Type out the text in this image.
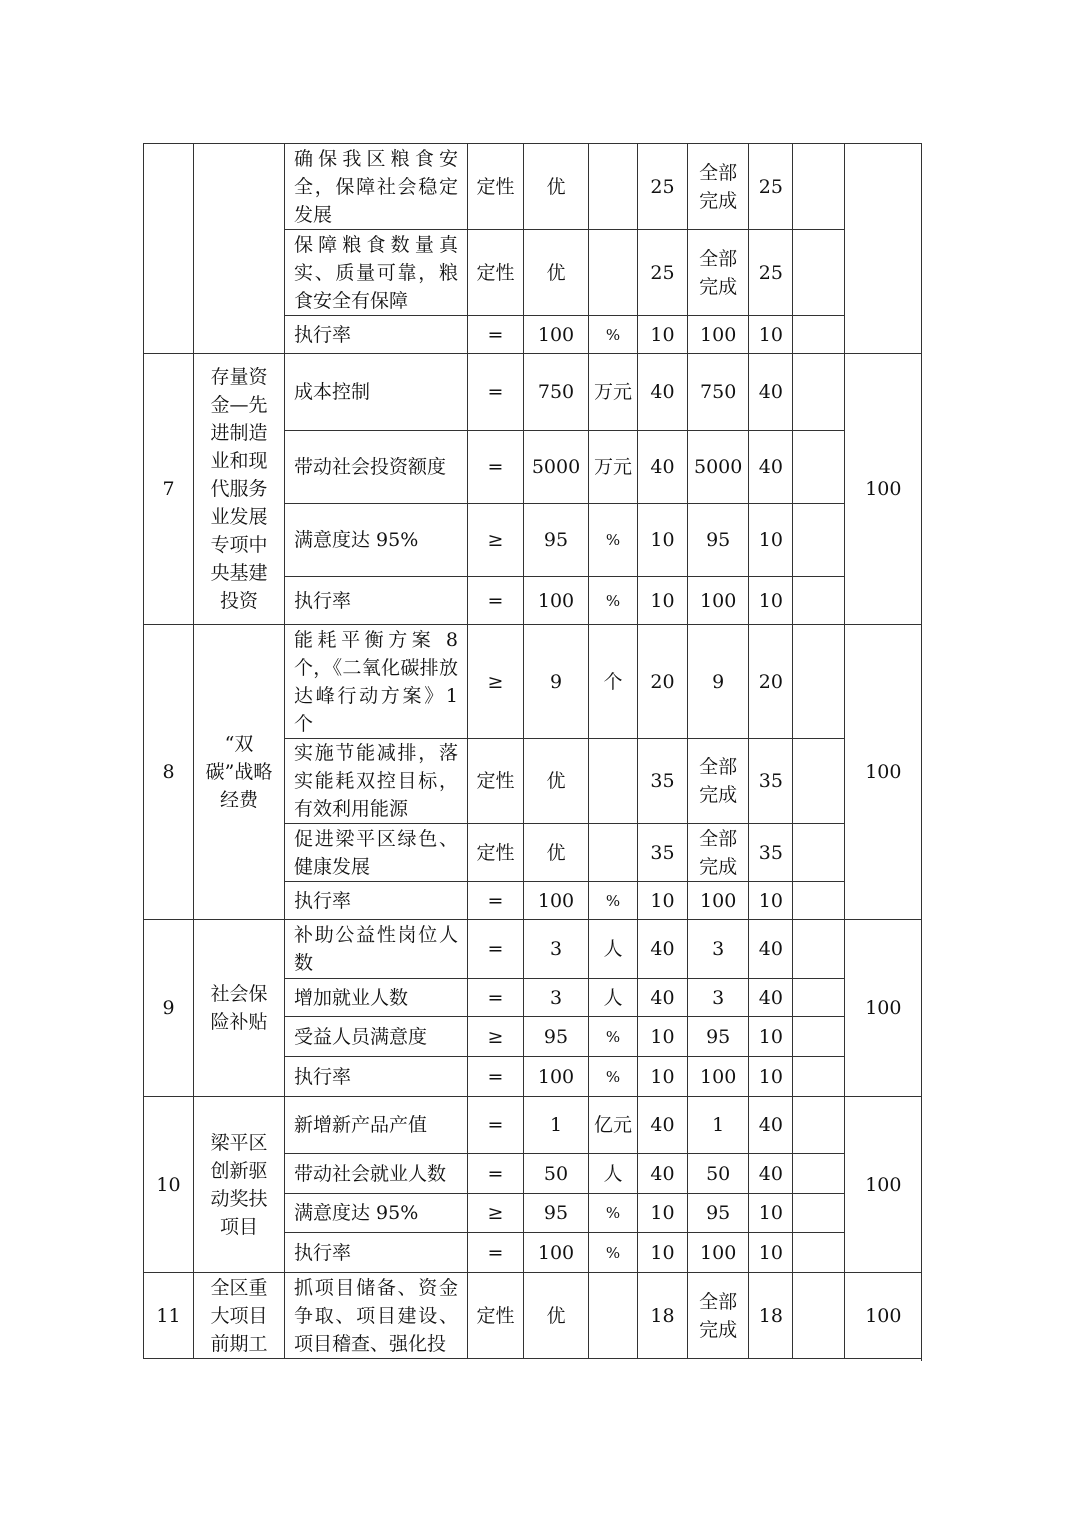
		确保我区粮食安全，保障社会稳定发展	定性	优		25	全部完成	25		
		保障粮食数量真实、质量可靠，粮食安全有保障	定性	优		25	全部完成	25		
		执行率	=	100	%	10	100	10		
7	存量资金—先进制造业和现代服务业发展专项中央基建投资	成本控制	=	750	万元	40	750	40		100
		带动社会投资额度	=	5000	万元	40	5000	40		
		满意度达 95%	≥	95	%	10	95	10		
		执行率	=	100	%	10	100	10		
8	“双碳”战略经费	能耗平衡方案 8个，《二氧化碳排放达峰行动方案》1个	≥	9	个	20	9	20		100
		实施节能减排，落实能耗双控目标，有效利用能源	定性	优		35	全部完成	35		
		促进梁平区绿色、健康发展	定性	优		35	全部完成	35		
		执行率	=	100	%	10	100	10		
9	社会保险补贴	补助公益性岗位人数	=	3	人	40	3	40		100
		增加就业人数	=	3	人	40	3	40		
		受益人员满意度	≥	95	%	10	95	10		
		执行率	=	100	%	10	100	10		
10	梁平区创新驱动奖扶项目	新增新产品产值	=	1	亿元	40	1	40		100
		带动社会就业人数	=	50	人	40	50	40		
		满意度达 95%	≥	95	%	10	95	10		
		执行率	=	100	%	10	100	10		
11	全区重大项目前期工	抓项目储备、资金争取、项目建设、项目稽查、强化投	定性	优		18	全部完成	18		100
